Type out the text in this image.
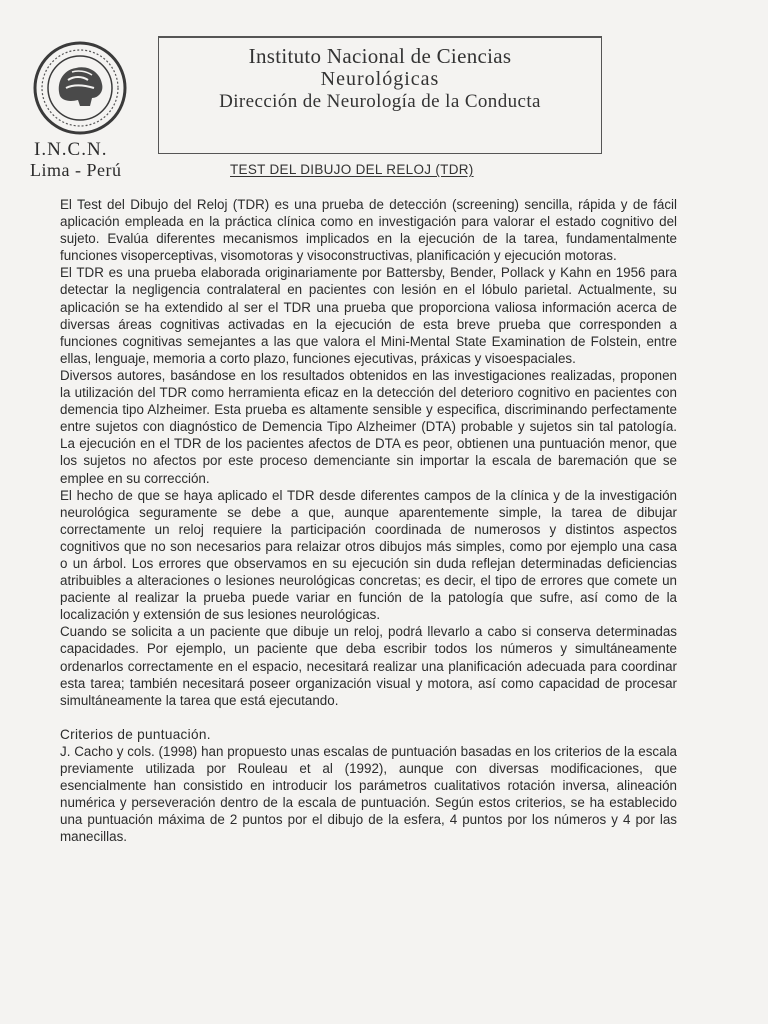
I.N.C.N.
Lima - Perú
Instituto Nacional de Ciencias
Neurológicas
Dirección de Neurología de la Conducta
TEST DEL DIBUJO DEL RELOJ (TDR)

El Test del Dibujo del Reloj (TDR) es una prueba de detección (screening) sencilla, rápida y de fácil aplicación empleada en la práctica clínica como en investigación para valorar el estado cognitivo del sujeto. Evalúa diferentes mecanismos implicados en la ejecución de la tarea, fundamentalmente funciones visoperceptivas, visomotoras y visoconstructivas, planificación y ejecución motoras.

El TDR es una prueba elaborada originariamente por Battersby, Bender, Pollack y Kahn en 1956 para detectar la negligencia contralateral en pacientes con lesión en el lóbulo parietal. Actualmente, su aplicación se ha extendido al ser el TDR una prueba que proporciona valiosa información acerca de diversas áreas cognitivas activadas en la ejecución de esta breve prueba que corresponden a funciones cognitivas semejantes a las que valora el Mini-Mental State Examination de Folstein, entre ellas, lenguaje, memoria a corto plazo, funciones ejecutivas, práxicas y visoespaciales.

Diversos autores, basándose en los resultados obtenidos en las investigaciones realizadas, proponen la utilización del TDR como herramienta eficaz en la detección del deterioro cognitivo en pacientes con demencia tipo Alzheimer. Esta prueba es altamente sensible y especifica, discriminando perfectamente entre sujetos con diagnóstico de Demencia Tipo Alzheimer (DTA) probable y sujetos sin tal patología. La ejecución en el TDR de los pacientes afectos de DTA es peor, obtienen una puntuación menor, que los sujetos no afectos por este proceso demenciante sin importar la escala de baremación que se emplee en su corrección.

El hecho de que se haya aplicado el TDR desde diferentes campos de la clínica y de la investigación neurológica seguramente se debe a que, aunque aparentemente simple, la tarea de dibujar correctamente un reloj requiere la participación coordinada de numerosos y distintos aspectos cognitivos que no son necesarios para relaizar otros dibujos más simples, como por ejemplo una casa o un árbol. Los errores que observamos en su ejecución sin duda reflejan determinadas deficiencias atribuibles a alteraciones o lesiones neurológicas concretas; es decir, el tipo de errores que comete un paciente al realizar la prueba puede variar en función de la patología que sufre, así como de la localización y extensión de sus lesiones neurológicas.

Cuando se solicita a un paciente que dibuje un reloj, podrá llevarlo a cabo si conserva determinadas capacidades. Por ejemplo, un paciente que deba escribir todos los números y simultáneamente ordenarlos correctamente en el espacio, necesitará realizar una planificación adecuada para coordinar esta tarea; también necesitará poseer organización visual y motora, así como capacidad de procesar simultáneamente la tarea que está ejecutando.

Criterios de puntuación.

J. Cacho y cols. (1998) han propuesto unas escalas de puntuación basadas en los criterios de la escala previamente utilizada por Rouleau et al (1992), aunque con diversas modificaciones, que esencialmente han consistido en introducir los parámetros cualitativos rotación inversa, alineación numérica y perseveración dentro de la escala de puntuación. Según estos criterios, se ha establecido una puntuación máxima de 2 puntos por el dibujo de la esfera, 4 puntos por los números y 4 por las manecillas.
